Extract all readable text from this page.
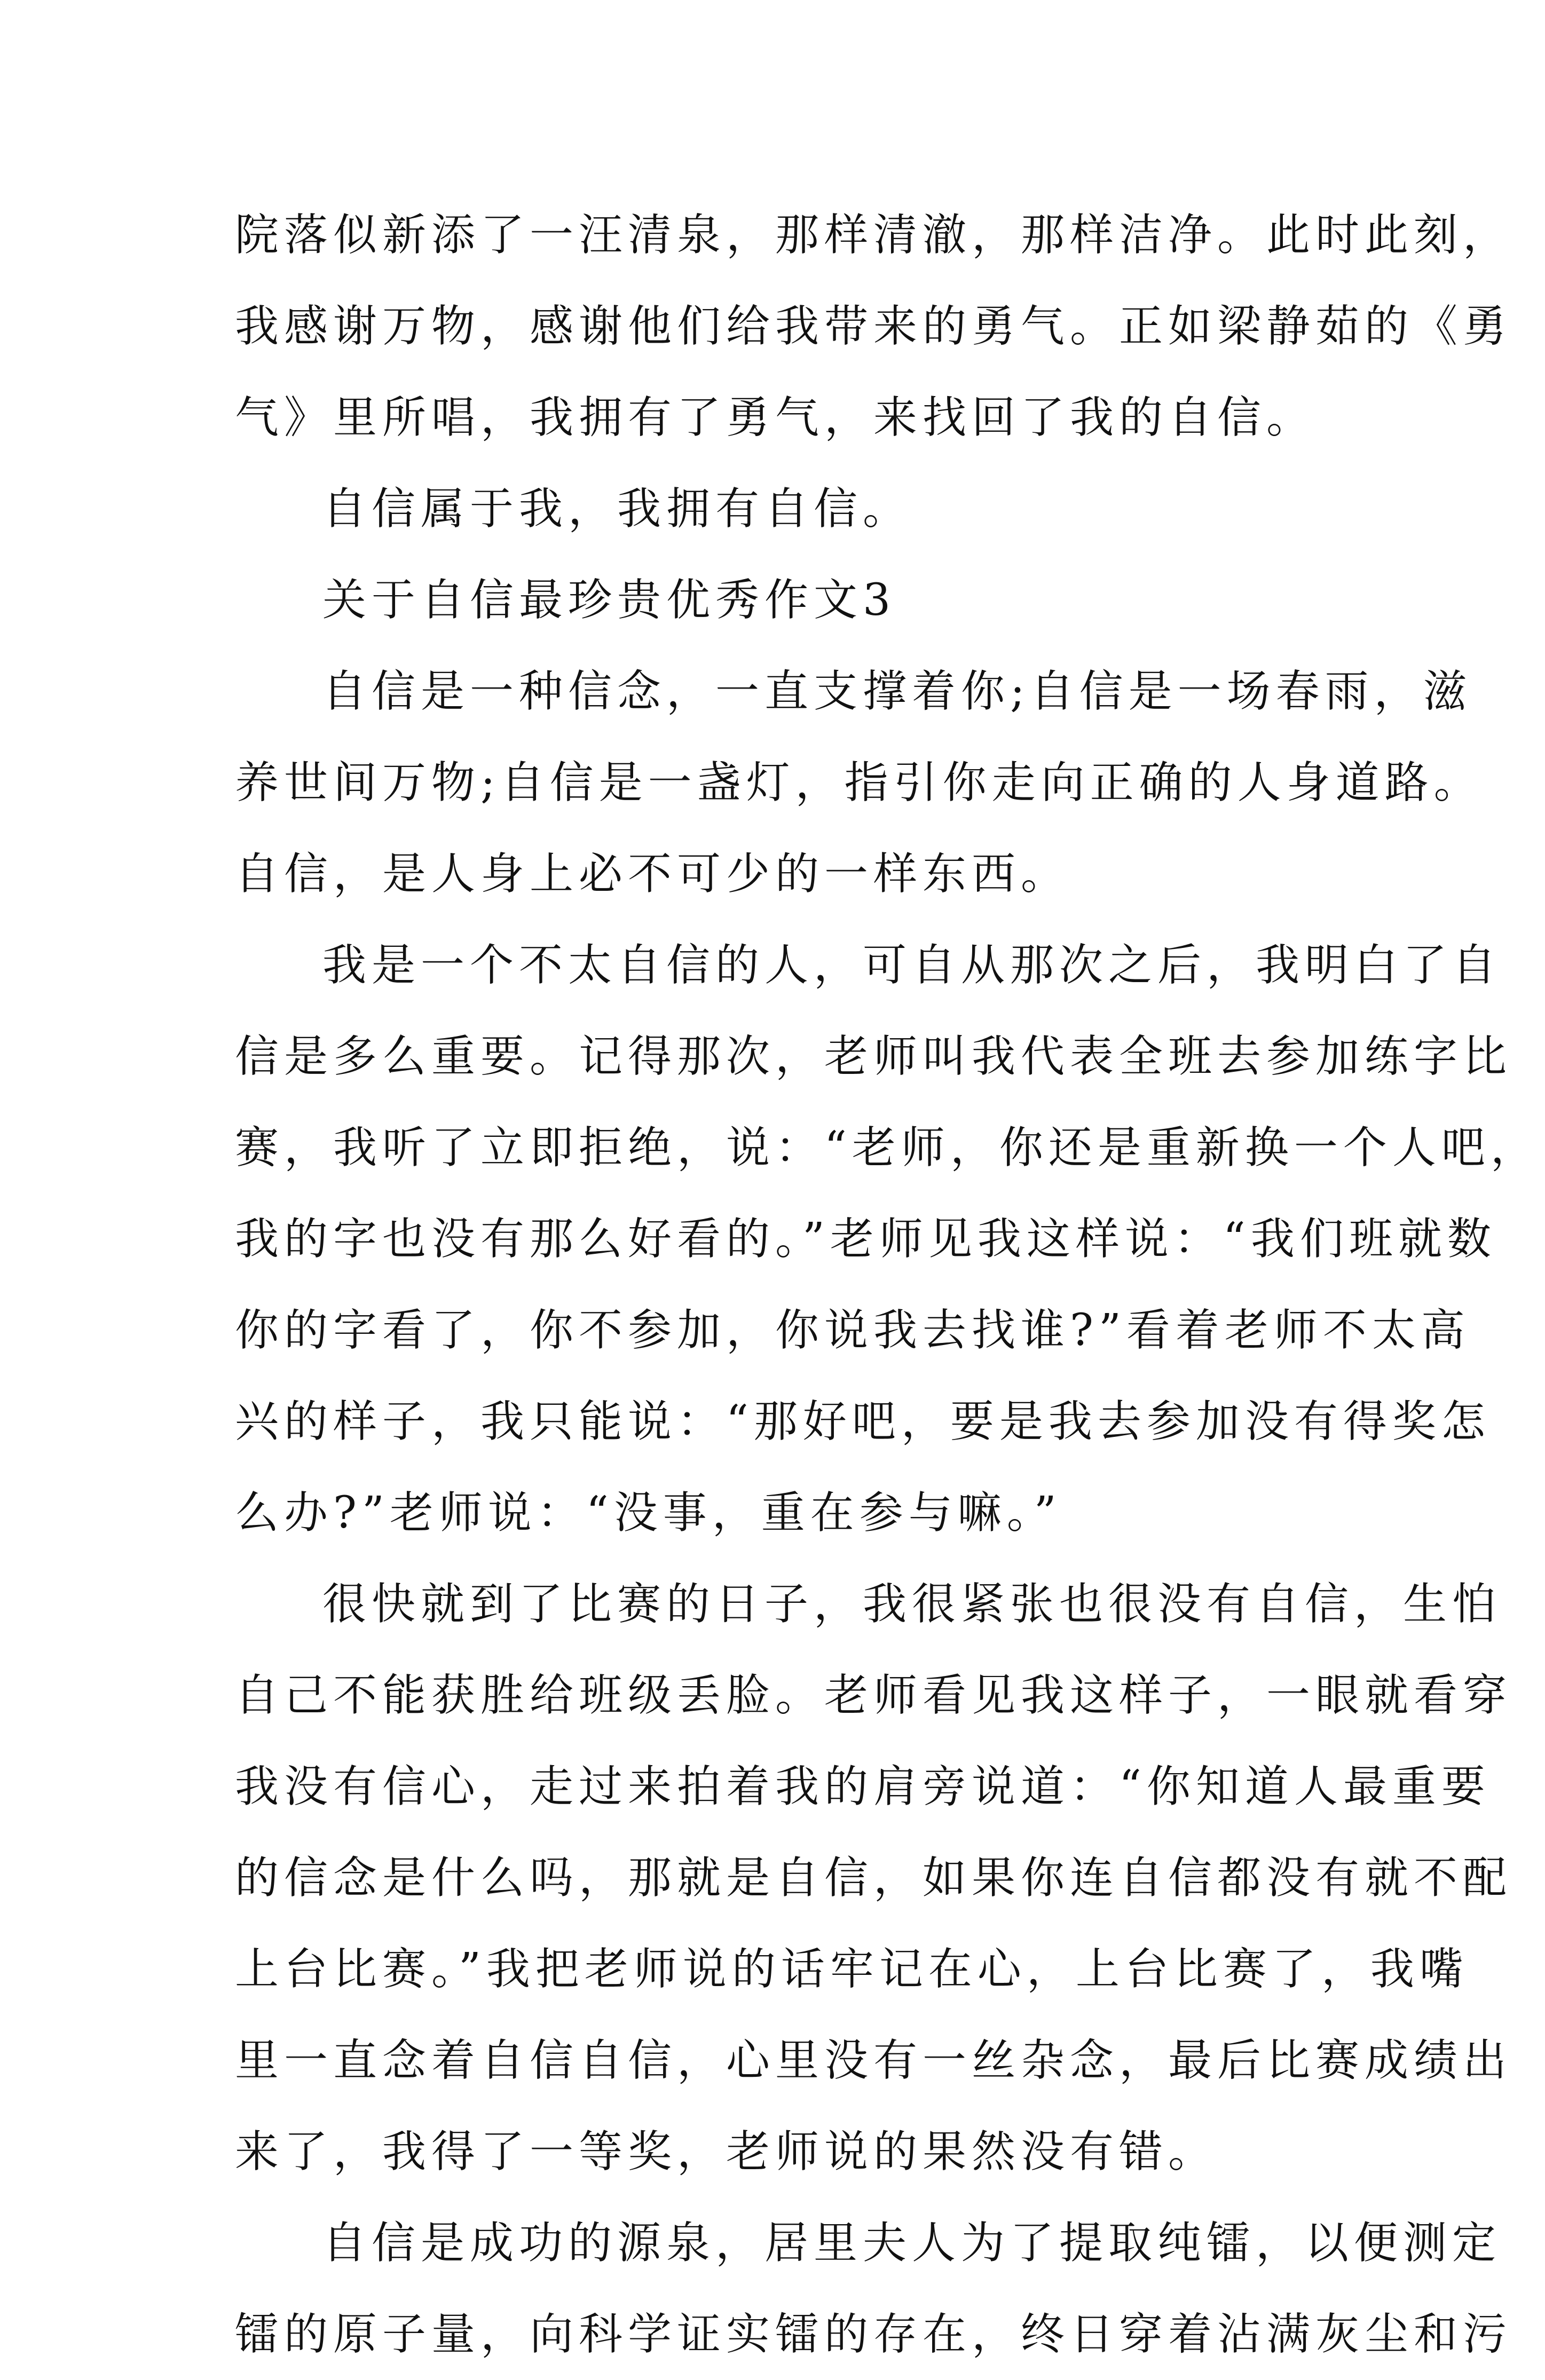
院落似新添了一汪清泉，那样清澈，那样洁净。此时此刻，
我感谢万物，感谢他们给我带来的勇气。正如梁静茹的《勇
气》里所唱，我拥有了勇气，来找回了我的自信。
自信属于我，我拥有自信。
关于自信最珍贵优秀作文3
自信是一种信念，一直支撑着你;自信是一场春雨，滋
养世间万物;自信是一盏灯，指引你走向正确的人身道路。
自信，是人身上必不可少的一样东西。
我是一个不太自信的人，可自从那次之后，我明白了自
信是多么重要。记得那次，老师叫我代表全班去参加练字比
赛，我听了立即拒绝，说：“老师，你还是重新换一个人吧，
我的字也没有那么好看的。”老师见我这样说：“我们班就数
你的字看了，你不参加，你说我去找谁?”看着老师不太高
兴的样子，我只能说：“那好吧，要是我去参加没有得奖怎
么办?”老师说：“没事，重在参与嘛。”
很快就到了比赛的日子，我很紧张也很没有自信，生怕
自己不能获胜给班级丢脸。老师看见我这样子，一眼就看穿
我没有信心，走过来拍着我的肩旁说道：“你知道人最重要
的信念是什么吗，那就是自信，如果你连自信都没有就不配
上台比赛。”我把老师说的话牢记在心，上台比赛了，我嘴
里一直念着自信自信，心里没有一丝杂念，最后比赛成绩出
来了，我得了一等奖，老师说的果然没有错。
自信是成功的源泉，居里夫人为了提取纯镭，以便测定
镭的原子量，向科学证实镭的存在，终日穿着沾满灰尘和污
